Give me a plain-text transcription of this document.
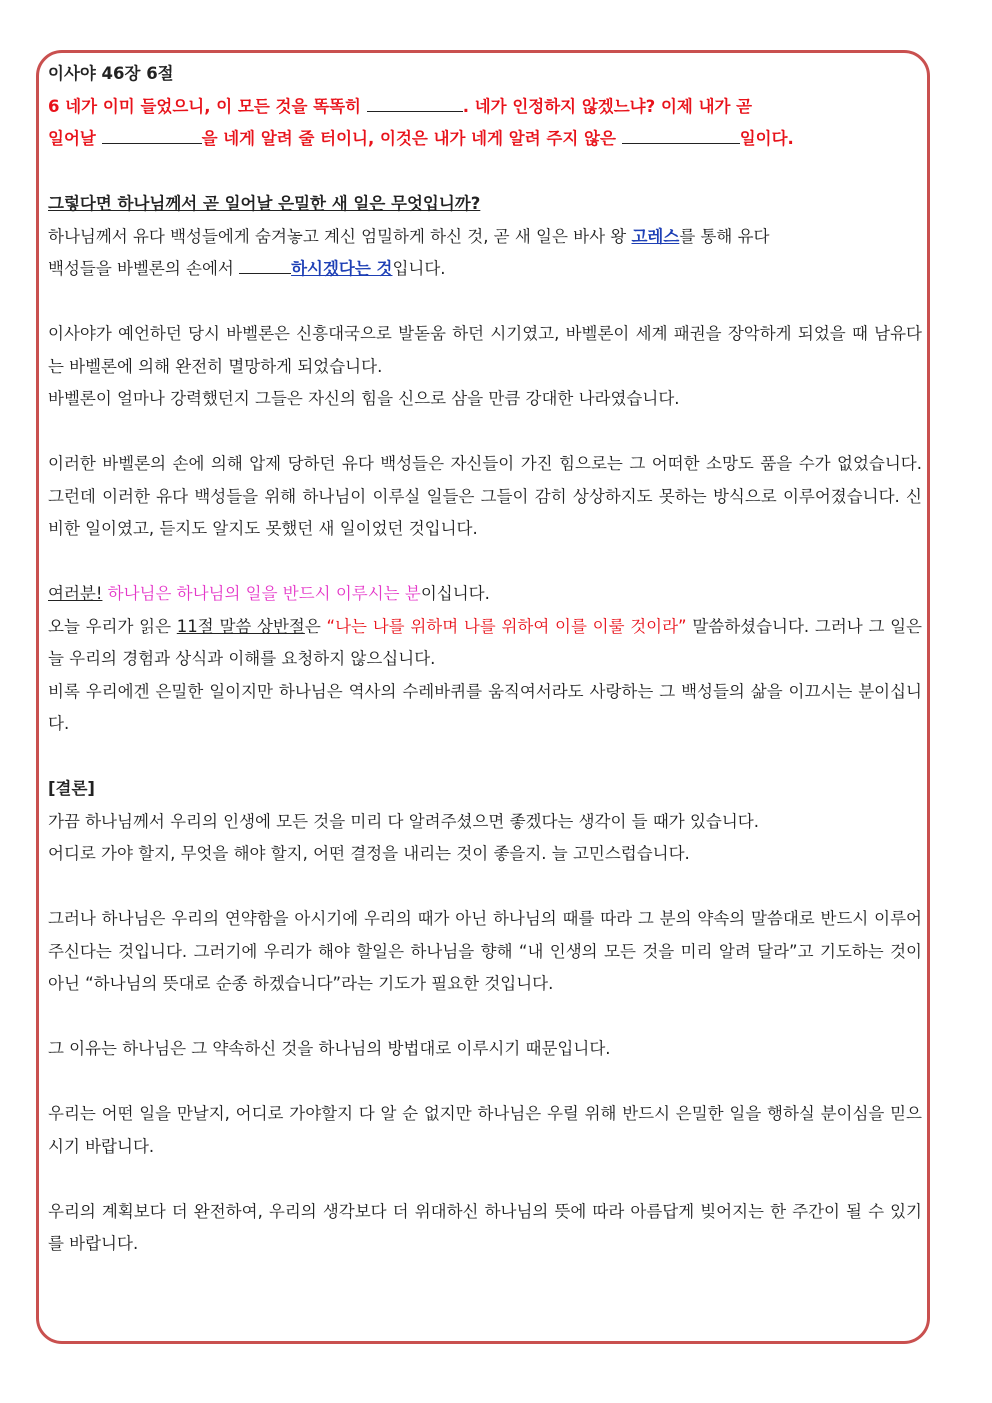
이사야 46장 6절

6 네가 이미 들었으니, 이 모든 것을 똑똑히	. 네가 인정하지 않겠느냐? 이제 내가 곧

일어날	을 네게 알려 줄 터이니, 이것은 내가 네게 알려 주지 않은	일이다.

그렇다면 하나님께서 곧 일어날 은밀한 새 일은 무엇입니까?

하나님께서 유다 백성들에게 숨겨놓고 계신 엄밀하게 하신 것, 곧 새 일은 바사 왕 고레스를 통해 유다

백성들을 바벨론의 손에서	하시겠다는 것입니다.

이사야가 예언하던 당시 바벨론은 신흥대국으로 발돋움 하던 시기였고, 바벨론이 세계 패권을 장악하게 되었을 때 남유다는 바벨론에 의해 완전히 멸망하게 되었습니다.

바벨론이 얼마나 강력했던지 그들은 자신의 힘을 신으로 삼을 만큼 강대한 나라였습니다.

이러한 바벨론의 손에 의해 압제 당하던 유다 백성들은 자신들이 가진 힘으로는 그 어떠한 소망도 품을 수가 없었습니다. 그런데 이러한 유다 백성들을 위해 하나님이 이루실 일들은 그들이 감히 상상하지도 못하는 방식으로 이루어졌습니다. 신비한 일이였고, 듣지도 알지도 못했던 새 일이었던 것입니다.

여러분! 하나님은 하나님의 일을 반드시 이루시는 분이십니다.

오늘 우리가 읽은 11절 말씀 상반절은 “나는 나를 위하며 나를 위하여 이를 이룰 것이라” 말씀하셨습니다. 그러나 그 일은 늘 우리의 경험과 상식과 이해를 요청하지 않으십니다.

비록 우리에겐 은밀한 일이지만 하나님은 역사의 수레바퀴를 움직여서라도 사랑하는 그 백성들의 삶을 이끄시는 분이십니다.

[결론]

가끔 하나님께서 우리의 인생에 모든 것을 미리 다 알려주셨으면 좋겠다는 생각이 들 때가 있습니다.

어디로 가야 할지, 무엇을 해야 할지, 어떤 결정을 내리는 것이 좋을지. 늘 고민스럽습니다.

그러나 하나님은 우리의 연약함을 아시기에 우리의 때가 아닌 하나님의 때를 따라 그 분의 약속의 말씀대로 반드시 이루어주신다는 것입니다. 그러기에 우리가 해야 할일은 하나님을 향해 “내 인생의 모든 것을 미리 알려 달라”고 기도하는 것이 아닌 “하나님의 뜻대로 순종 하겠습니다”라는 기도가 필요한 것입니다.

그 이유는 하나님은 그 약속하신 것을 하나님의 방법대로 이루시기 때문입니다.

우리는 어떤 일을 만날지, 어디로 가야할지 다 알 순 없지만 하나님은 우릴 위해 반드시 은밀한 일을 행하실 분이심을 믿으시기 바랍니다.

우리의 계획보다 더 완전하여, 우리의 생각보다 더 위대하신 하나님의 뜻에 따라 아름답게 빚어지는 한 주간이 될 수 있기를 바랍니다.
